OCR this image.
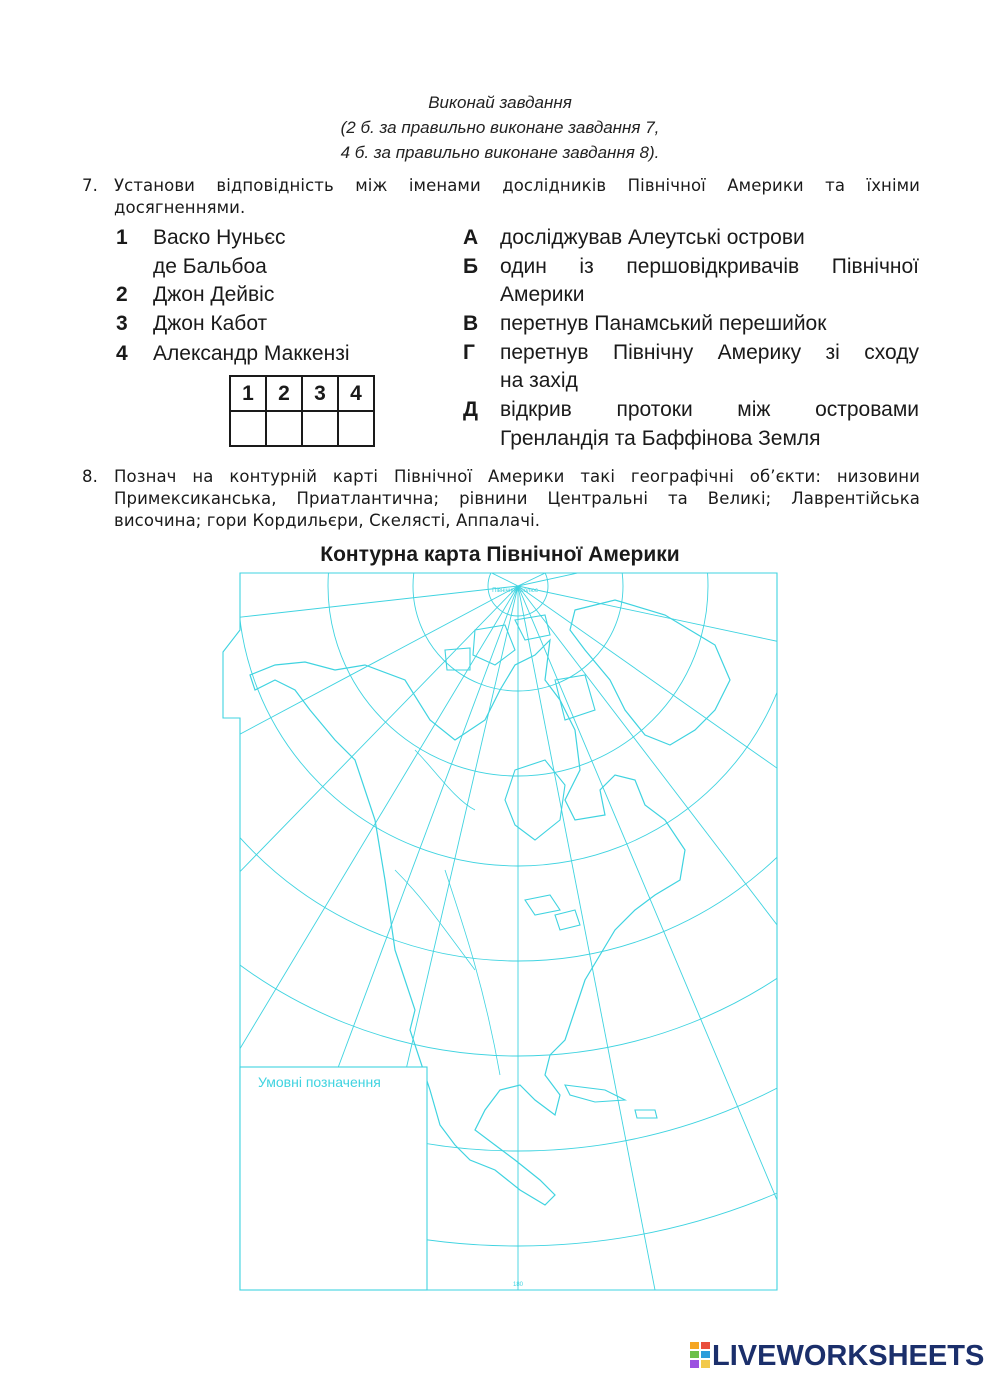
Виконай завдання
(2 б. за правильно виконане завдання 7,
4 б. за правильно виконане завдання 8).
7. Установи відповідність між іменами дослідників Північної Америки та їхніми досягненнями.
1 Васко Нуньєс
де Бальбоа
2 Джон Дейвіс
3 Джон Кабот
4 Александр Маккензі
1	2	3	4

А досліджував Алеутські острови
Б один із першовідкривачів Північної
Америки
В перетнув Панамський перешийок
Г перетнув Північну Америку зі сходу
на захід
Д відкрив протоки між островами
Гренландія та Баффінова Земля
8. Познач на контурній карті Північної Америки такі географічні об’єкти: низовини Примексиканська, Приатлантична; рівнини Центральні та Великі; Лаврентійська височина; гори Кордильєри, Скелясті, Аппалачі.
Контурна карта Північної Америки
Умовні позначення
Північний полюс
180
LIVEWORKSHEETS
